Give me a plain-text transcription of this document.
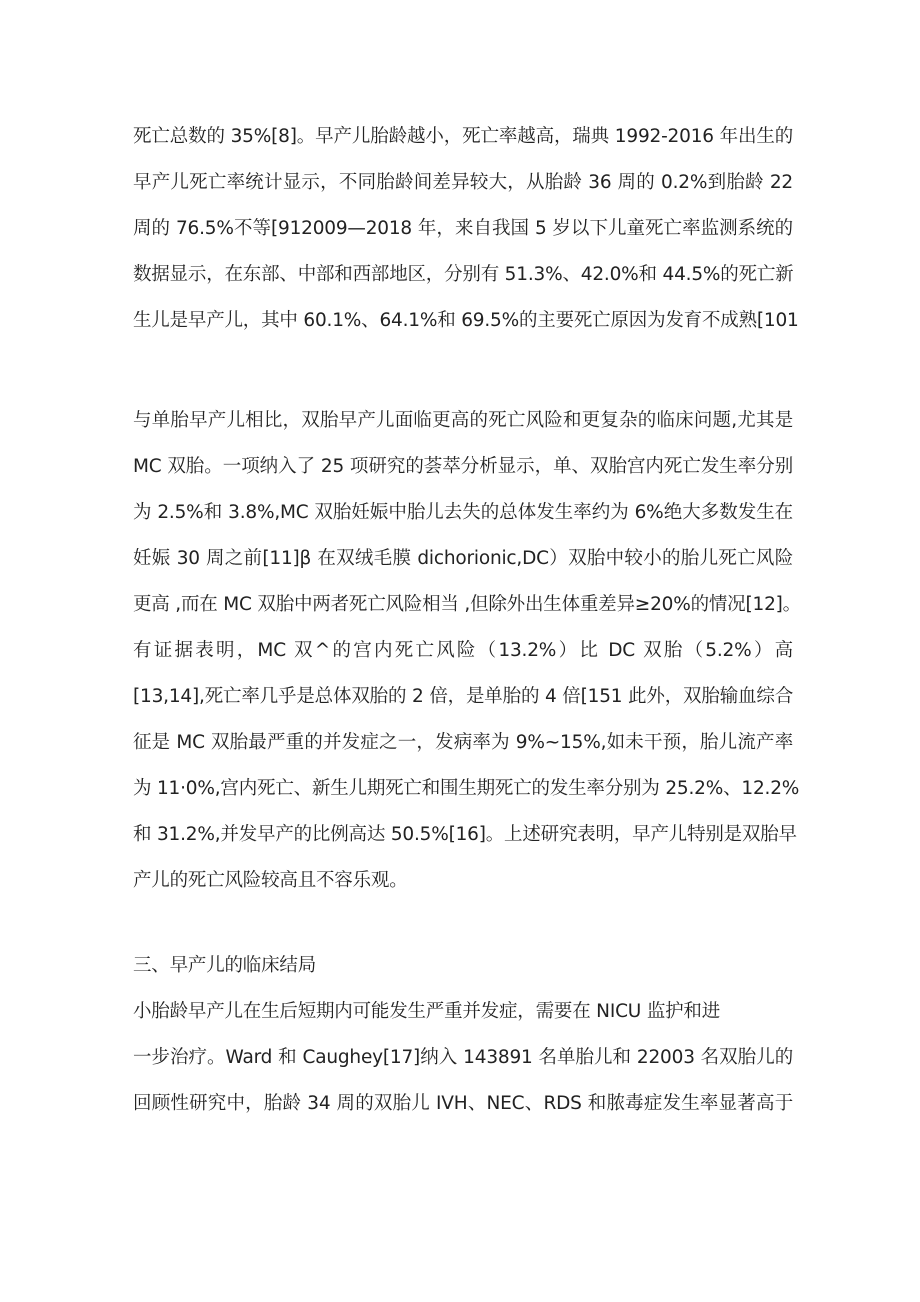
死亡总数的 35%[8]。早产儿胎龄越小，死亡率越高，瑞典 1992-2016 年出生的
早产儿死亡率统计显示，不同胎龄间差异较大，从胎龄 36 周的 0.2%到胎龄 22
周的 76.5%不等[912009—2018 年，来自我国 5 岁以下儿童死亡率监测系统的
数据显示，在东部、中部和西部地区，分别有 51.3%、42.0%和 44.5%的死亡新
生儿是早产儿，其中 60.1%、64.1%和 69.5%的主要死亡原因为发育不成熟[101
与单胎早产儿相比，双胎早产儿面临更高的死亡风险和更复杂的临床问题,尤其是
MC 双胎。一项纳入了 25 项研究的荟萃分析显示，单、双胎宫内死亡发生率分别
为 2.5%和 3.8%,MC 双胎妊娠中胎儿去失的总体发生率约为 6%绝大多数发生在
妊娠 30 周之前[11]β 在双绒毛膜 dichorionic,DC）双胎中较小的胎儿死亡风险
更高 ,而在 MC 双胎中两者死亡风险相当 ,但除外出生体重差异≥20%的情况[12]。
有证据表明，MC 双^的宫内死亡风险（13.2%）比 DC 双胎（5.2%）高
[13,14],死亡率几乎是总体双胎的 2 倍，是单胎的 4 倍[151 此外，双胎输血综合
征是 MC 双胎最严重的并发症之一，发病率为 9%~15%,如未干预，胎儿流产率
为 11·0%,宫内死亡、新生儿期死亡和围生期死亡的发生率分别为 25.2%、12.2%
和 31.2%,并发早产的比例高达 50.5%[16]。上述研究表明，早产儿特别是双胎早
产儿的死亡风险较高且不容乐观。
三、早产儿的临床结局
小胎龄早产儿在生后短期内可能发生严重并发症，需要在 NICU 监护和进
一步治疗。Ward 和 Caughey[17]纳入 143891 名单胎儿和 22003 名双胎儿的
回顾性研究中，胎龄 34 周的双胎儿 IVH、NEC、RDS 和脓毒症发生率显著高于
